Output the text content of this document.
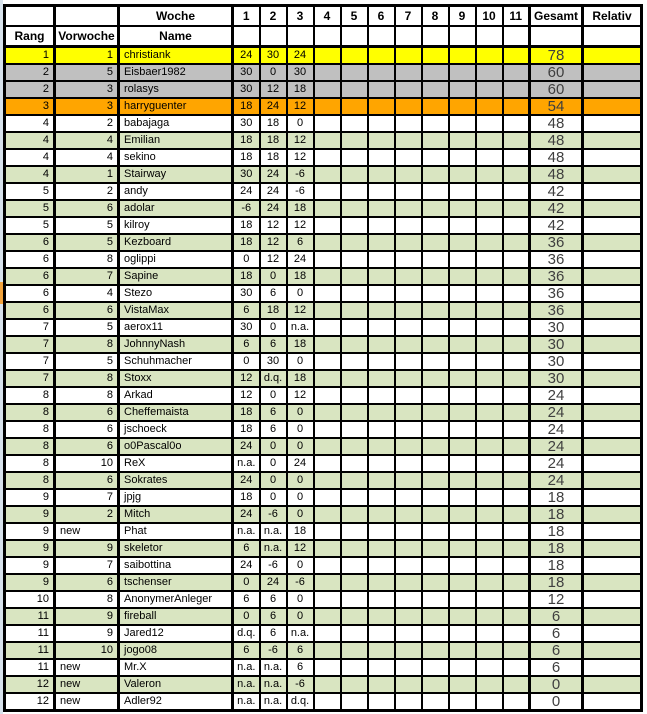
		Woche	1	2	3	4	5	6	7	8	9	10	11	Gesamt	Relativ
Rang	Vorwoche	Name													
1	1	christiank	24	30	24									78	
2	5	Eisbaer1982	30	0	30									60	
2	3	rolasys	30	12	18									60	
3	3	harryguenter	18	24	12									54	
4	2	babajaga	30	18	0									48	
4	4	Emilian	18	18	12									48	
4	4	sekino	18	18	12									48	
4	1	Stairway	30	24	-6									48	
5	2	andy	24	24	-6									42	
5	6	adolar	-6	24	18									42	
5	5	kilroy	18	12	12									42	
6	5	Kezboard	18	12	6									36	
6	8	oglippi	0	12	24									36	
6	7	Sapine	18	0	18									36	
6	4	Stezo	30	6	0									36	
6	6	VistaMax	6	18	12									36	
7	5	aerox11	30	0	n.a.									30	
7	8	JohnnyNash	6	6	18									30	
7	5	Schuhmacher	0	30	0									30	
7	8	Stoxx	12	d.q.	18									30	
8	8	Arkad	12	0	12									24	
8	6	Cheffemaista	18	6	0									24	
8	6	jschoeck	18	6	0									24	
8	6	o0Pascal0o	24	0	0									24	
8	10	ReX	n.a.	0	24									24	
8	6	Sokrates	24	0	0									24	
9	7	jpjg	18	0	0									18	
9	2	Mitch	24	-6	0									18	
9	new	Phat	n.a.	n.a.	18									18	
9	9	skeletor	6	n.a.	12									18	
9	7	saibottina	24	-6	0									18	
9	6	tschenser	0	24	-6									18	
10	8	AnonymerAnleger	6	6	0									12	
11	9	fireball	0	6	0									6	
11	9	Jared12	d.q.	6	n.a.									6	
11	10	jogo08	6	-6	6									6	
11	new	Mr.X	n.a.	n.a.	6									6	
12	new	Valeron	n.a.	n.a.	-6									0	
12	new	Adler92	n.a.	n.a.	d.q.									0	
